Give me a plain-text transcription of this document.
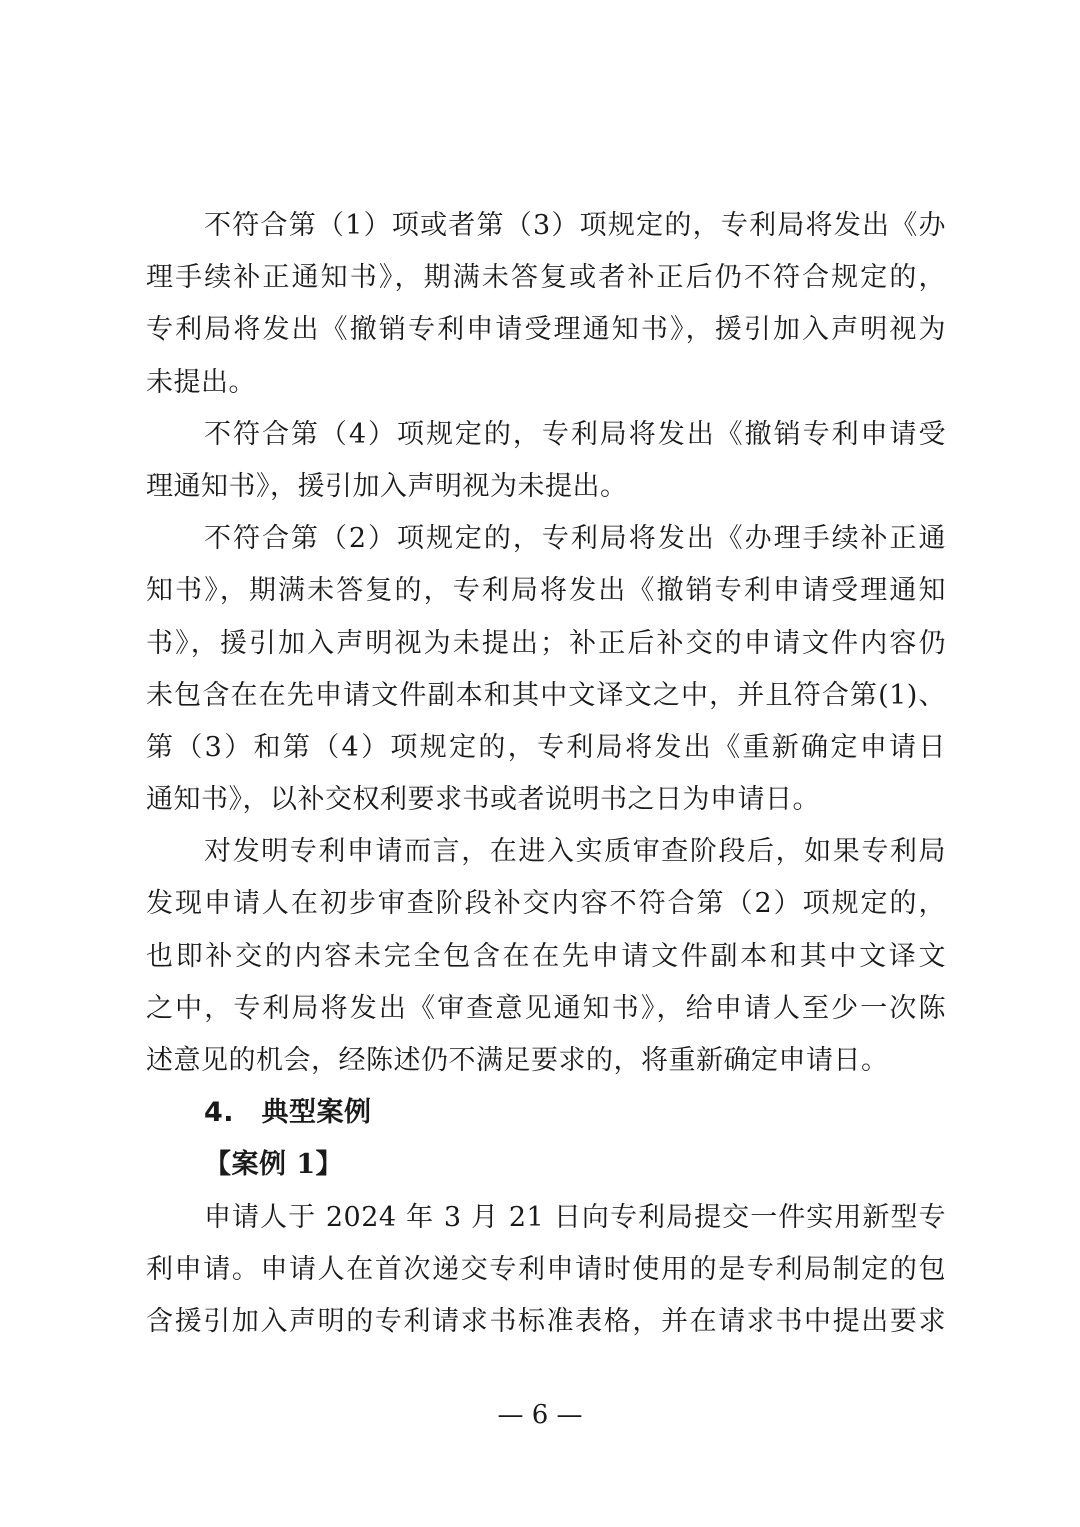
不符合第（1）项或者第（3）项规定的，专利局将发出《办
理手续补正通知书》，期满未答复或者补正后仍不符合规定的，
专利局将发出《撤销专利申请受理通知书》，援引加入声明视为
未提出。
不符合第（4）项规定的，专利局将发出《撤销专利申请受
理通知书》，援引加入声明视为未提出。
不符合第（2）项规定的，专利局将发出《办理手续补正通
知书》，期满未答复的，专利局将发出《撤销专利申请受理通知
书》，援引加入声明视为未提出；补正后补交的申请文件内容仍
未包含在在先申请文件副本和其中文译文之中，并且符合第(1)、
第（3）和第（4）项规定的，专利局将发出《重新确定申请日
通知书》，以补交权利要求书或者说明书之日为申请日。
对发明专利申请而言，在进入实质审查阶段后，如果专利局
发现申请人在初步审查阶段补交内容不符合第（2）项规定的，
也即补交的内容未完全包含在在先申请文件副本和其中文译文
之中，专利局将发出《审查意见通知书》，给申请人至少一次陈
述意见的机会，经陈述仍不满足要求的，将重新确定申请日。
4.　典型案例
【案例 1】
申请人于 2024 年 3 月 21 日向专利局提交一件实用新型专
利申请。申请人在首次递交专利申请时使用的是专利局制定的包
含援引加入声明的专利请求书标准表格，并在请求书中提出要求
— 6 —
